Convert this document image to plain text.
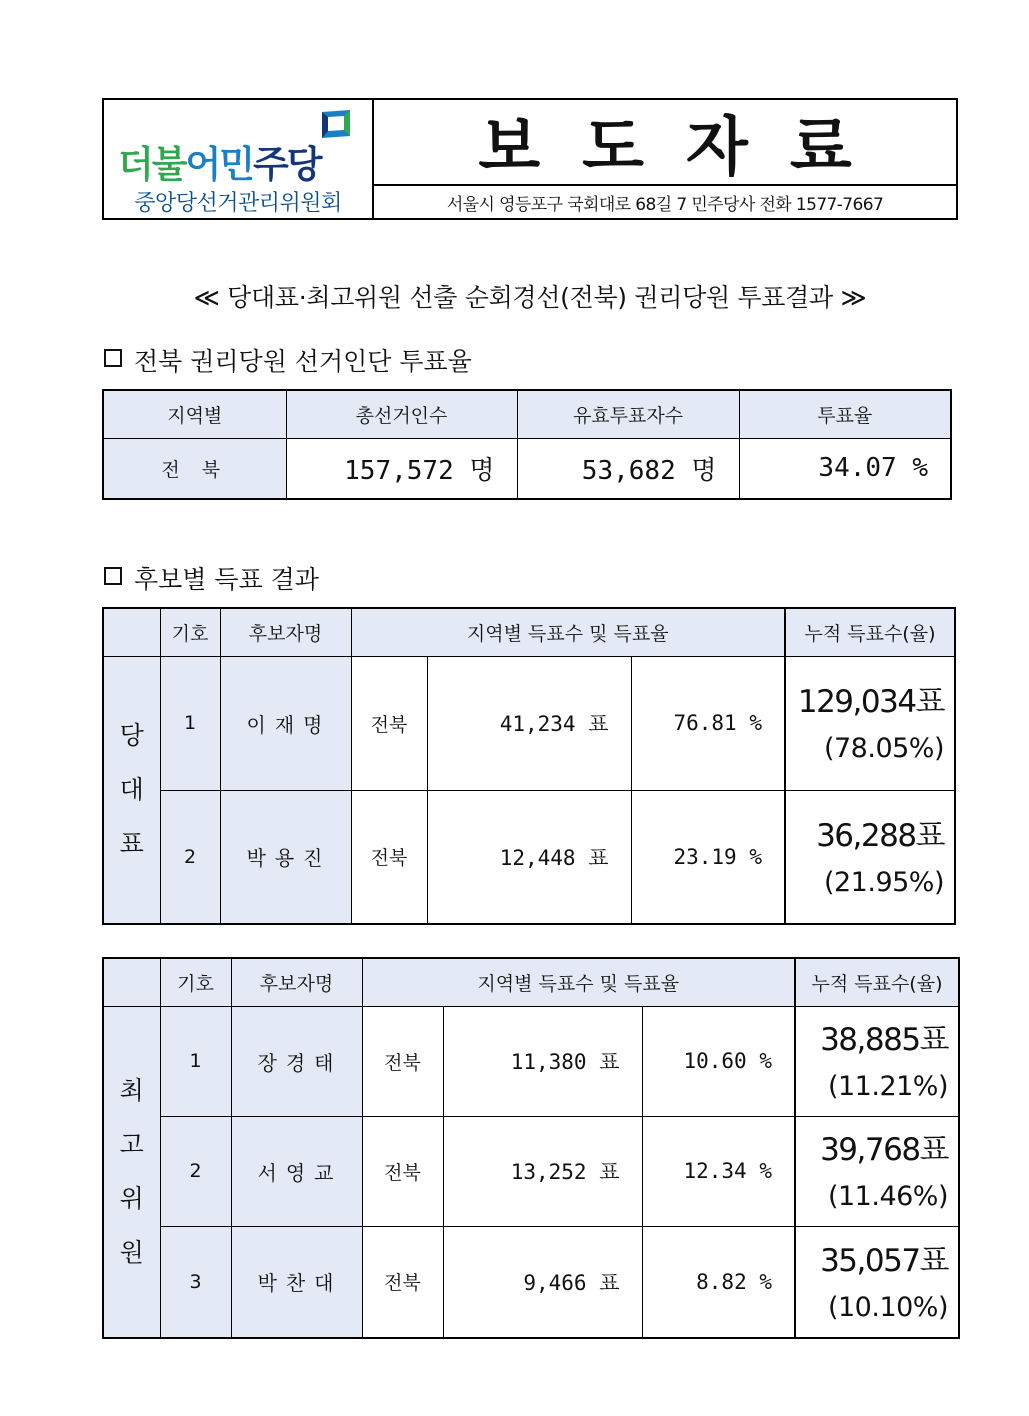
더불어민주당
중앙당선거관리위원회
보도자료
서울시 영등포구 국회대로 68길 7 민주당사 전화 1577-7667
≪ 당대표·최고위원 선출 순회경선(전북) 권리당원 투표결과 ≫
전북 권리당원 선거인단 투표율
지역별	총선거인수	유효투표자수	투표율
전 북	157,572 명	53,682 명	34.07 %
후보별 득표 결과
	기호	후보자명	지역별 득표수 및 득표율			누적 득표수(율)
당
대
표	1	이재명	전북	41,234 표	76.81 %	129,034표
(78.05%)

	2	박용진	전북	12,448 표	23.19 %	36,288표
(21.95%)
	기호	후보자명	지역별 득표수 및 득표율			누적 득표수(율)
최
고
위
원	1	장경태	전북	11,380 표	10.60 %	38,885표
(11.21%)

	2	서영교	전북	13,252 표	12.34 %	39,768표
(11.46%)

	3	박찬대	전북	9,466 표	8.82 %	35,057표
(10.10%)
